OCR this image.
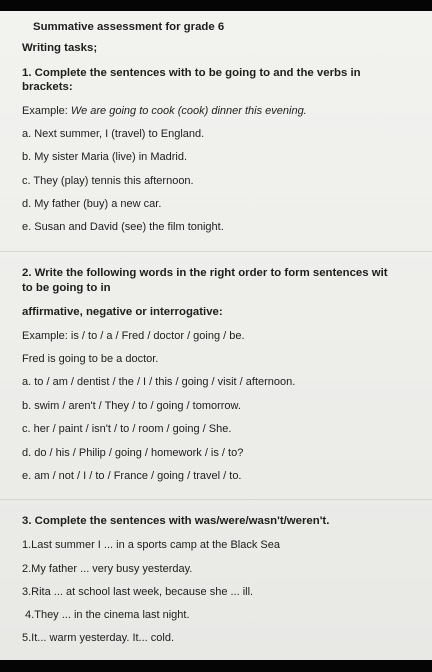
Summative assessment for grade 6
Writing tasks;
1. Complete the sentences with to be going to and the verbs in
brackets:
Example: We are going to cook (cook) dinner this evening.
a. Next summer, I (travel) to England.
b. My sister Maria (live) in Madrid.
c. They (play) tennis this afternoon.
d. My father (buy) a new car.
e. Susan and David (see) the film tonight.
2. Write the following words in the right order to form sentences wit
to be going to in
affirmative, negative or interrogative:
Example: is / to / a / Fred / doctor / going / be.
Fred is going to be a doctor.
a. to / am / dentist / the / I / this / going / visit / afternoon.
b. swim / aren't / They / to / going / tomorrow.
c. her / paint / isn't / to / room / going / She.
d. do / his / Philip / going / homework / is / to?
e. am / not / I / to / France / going / travel / to.
3. Complete the sentences with was/were/wasn't/weren't.
1.Last summer I ... in a sports camp at the Black Sea
2.My father ... very busy yesterday.
3.Rita ... at school last week, because she ... ill.
4.They ... in the cinema last night.
5.It... warm yesterday. It... cold.
